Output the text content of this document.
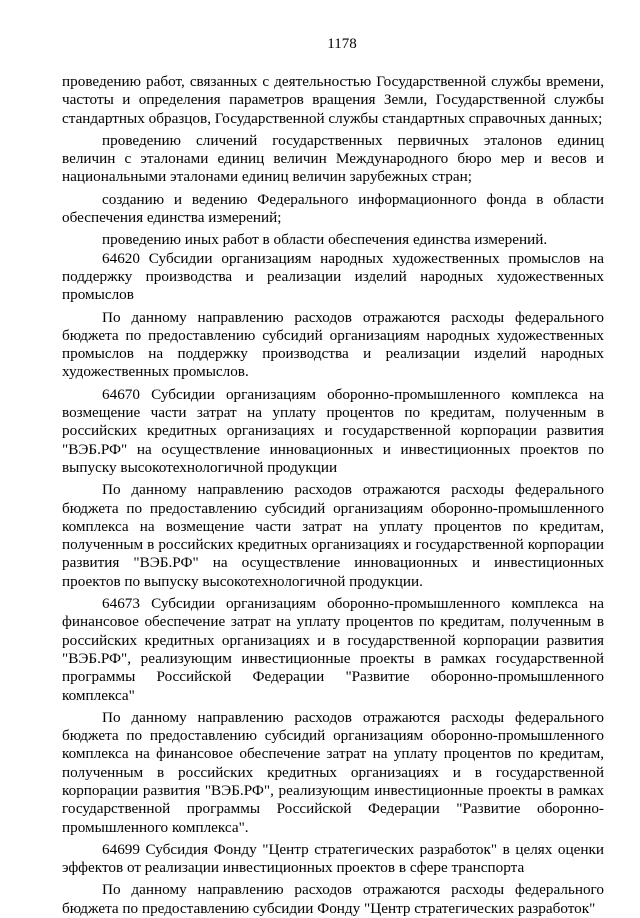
1178

проведению работ, связанных с деятельностью Государственной службы времени, частоты и определения параметров вращения Земли, Государственной службы стандартных образцов, Государственной службы стандартных справочных данных;

проведению сличений государственных первичных эталонов единиц величин с эталонами единиц величин Международного бюро мер и весов и национальными эталонами единиц величин зарубежных стран;

созданию и ведению Федерального информационного фонда в области обеспечения единства измерений;

проведению иных работ в области обеспечения единства измерений.

64620 Субсидии организациям народных художественных промыслов на поддержку производства и реализации изделий народных художественных промыслов

По данному направлению расходов отражаются расходы федерального бюджета по предоставлению субсидий организациям народных художественных промыслов на поддержку производства и реализации изделий народных художественных промыслов.

64670 Субсидии организациям оборонно-промышленного комплекса на возмещение части затрат на уплату процентов по кредитам, полученным в российских кредитных организациях и государственной корпорации развития "ВЭБ.РФ" на осуществление инновационных и инвестиционных проектов по выпуску высокотехнологичной продукции

По данному направлению расходов отражаются расходы федерального бюджета по предоставлению субсидий организациям оборонно-промышленного комплекса на возмещение части затрат на уплату процентов по кредитам, полученным в российских кредитных организациях и государственной корпорации развития "ВЭБ.РФ" на осуществление инновационных и инвестиционных проектов по выпуску высокотехнологичной продукции.

64673 Субсидии организациям оборонно-промышленного комплекса на финансовое обеспечение затрат на уплату процентов по кредитам, полученным в российских кредитных организациях и в государственной корпорации развития "ВЭБ.РФ", реализующим инвестиционные проекты в рамках государственной программы Российской Федерации "Развитие оборонно-промышленного комплекса"

По данному направлению расходов отражаются расходы федерального бюджета по предоставлению субсидий организациям оборонно-промышленного комплекса на финансовое обеспечение затрат на уплату процентов по кредитам, полученным в российских кредитных организациях и в государственной корпорации развития "ВЭБ.РФ", реализующим инвестиционные проекты в рамках государственной программы Российской Федерации "Развитие оборонно-промышленного комплекса".

64699 Субсидия Фонду "Центр стратегических разработок" в целях оценки эффектов от реализации инвестиционных проектов в сфере транспорта

По данному направлению расходов отражаются расходы федерального бюджета по предоставлению субсидии Фонду "Центр стратегических разработок"
